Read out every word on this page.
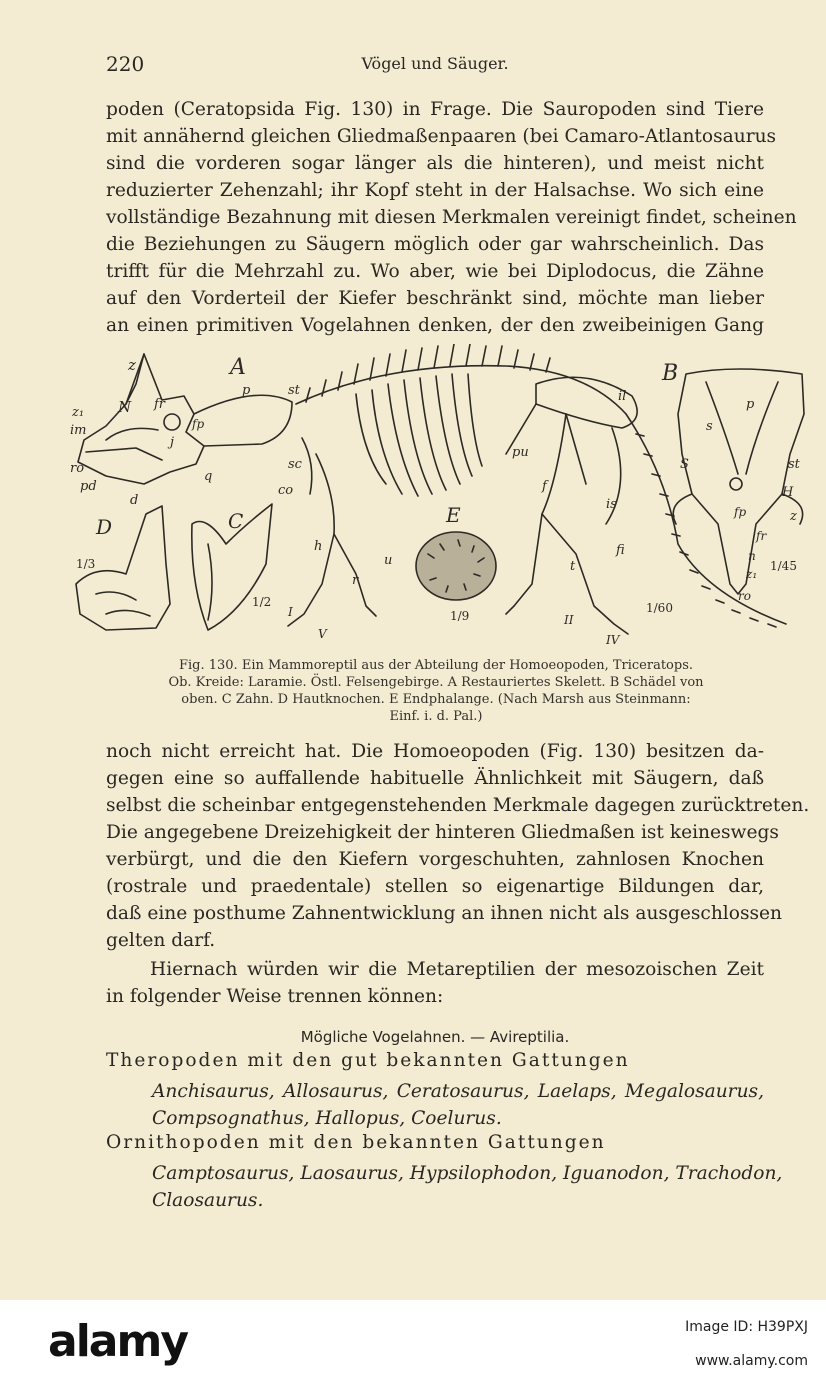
220	Vögel und Säuger.
poden (Ceratopsida Fig. 130) in Frage. Die Sauropoden sind Tiere
mit annähernd gleichen Gliedmaßenpaaren (bei Camaro-Atlantosaurus
sind die vorderen sogar länger als die hinteren), und meist nicht
reduzierter Zehenzahl; ihr Kopf steht in der Halsachse. Wo sich eine
vollständige Bezahnung mit diesen Merkmalen vereinigt findet, scheinen
die Beziehungen zu Säugern möglich oder gar wahrscheinlich. Das
trifft für die Mehrzahl zu. Wo aber, wie bei Diplodocus, die Zähne
auf den Vorderteil der Kiefer beschränkt sind, möchte man lieber
an einen primitiven Vogelahnen denken, der den zweibeinigen Gang
z
z₁ N fr
im
ro
pd
d
j
fp
q
A
p	st	il
pu
sc
co
h
u
r
f
is
fi
t
B
p
s
S	st
H
z
fp
fr
n
z₁
ro
D	C	E
I
II
IV
V
1/3
1/2
1/9
1/60
1/45
Fig. 130. Ein Mammoreptil aus der Abteilung der Homoeopoden, Triceratops.
Ob. Kreide: Laramie. Östl. Felsengebirge. A Restauriertes Skelett. B Schädel von
oben. C Zahn. D Hautknochen. E Endphalange. (Nach Marsh aus Steinmann:
Einf. i. d. Pal.)
noch nicht erreicht hat. Die Homoeopoden (Fig. 130) besitzen da-
gegen eine so auffallende habituelle Ähnlichkeit mit Säugern, daß
selbst die scheinbar entgegenstehenden Merkmale dagegen zurücktreten.
Die angegebene Dreizehigkeit der hinteren Gliedmaßen ist keineswegs
verbürgt, und die den Kiefern vorgeschuhten, zahnlosen Knochen
(rostrale und praedentale) stellen so eigenartige Bildungen dar,
daß eine posthume Zahnentwicklung an ihnen nicht als ausgeschlossen
gelten darf.
Hiernach würden wir die Metareptilien der mesozoischen Zeit
in folgender Weise trennen können:
Mögliche Vogelahnen. — Avireptilia.
Theropoden mit den gut bekannten Gattungen
Anchisaurus, Allosaurus, Ceratosaurus, Laelaps, Megalosaurus,
Compsognathus, Hallopus, Coelurus.
Ornithopoden mit den bekannten Gattungen
Camptosaurus, Laosaurus, Hypsilophodon, Iguanodon, Trachodon,
Claosaurus.
alamy	Image ID: H39PXJ
www.alamy.com
